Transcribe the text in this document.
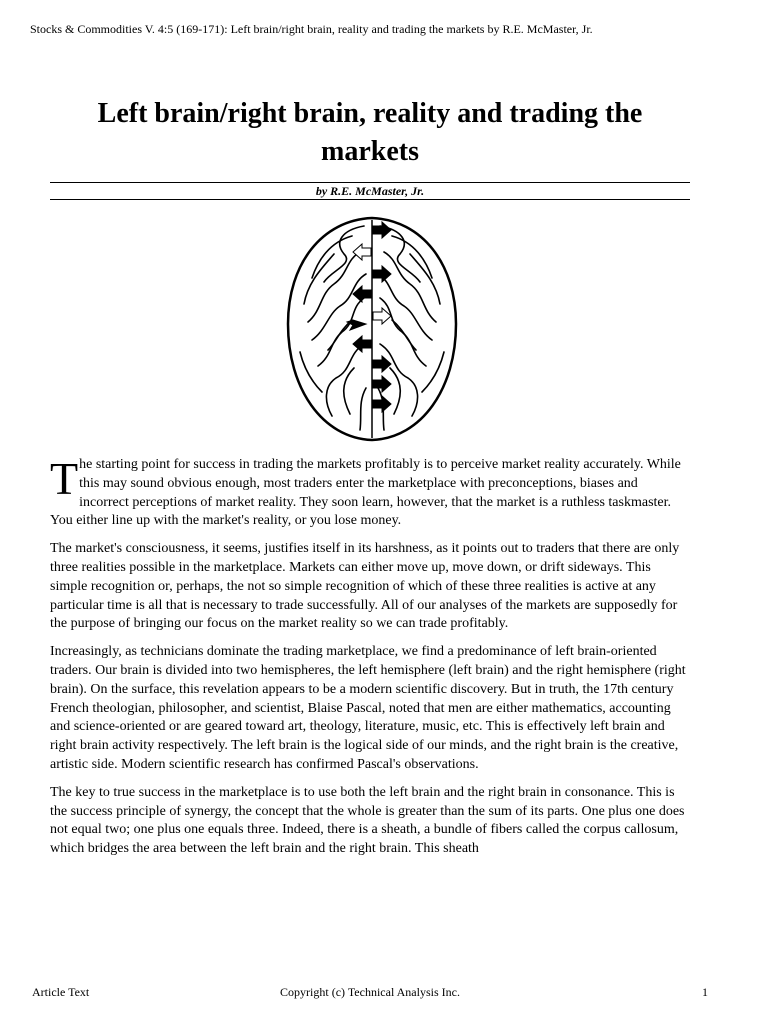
Stocks & Commodities V. 4:5 (169-171): Left brain/right brain, reality and trading the markets by R.E. McMaster, Jr.
Left brain/right brain, reality and trading the markets
by R.E. McMaster, Jr.

The starting point for success in trading the markets profitably is to perceive market reality accurately. While this may sound obvious enough, most traders enter the marketplace with preconceptions, biases and incorrect perceptions of market reality. They soon learn, however, that the market is a ruthless taskmaster. You either line up with the market's reality, or you lose money.

The market's consciousness, it seems, justifies itself in its harshness, as it points out to traders that there are only three realities possible in the marketplace. Markets can either move up, move down, or drift sideways. This simple recognition or, perhaps, the not so simple recognition of which of these three realities is active at any particular time is all that is necessary to trade successfully. All of our analyses of the markets are supposedly for the purpose of bringing our focus on the market reality so we can trade profitably.

Increasingly, as technicians dominate the trading marketplace, we find a predominance of left brain-oriented traders. Our brain is divided into two hemispheres, the left hemisphere (left brain) and the right hemisphere (right brain). On the surface, this revelation appears to be a modern scientific discovery. But in truth, the 17th century French theologian, philosopher, and scientist, Blaise Pascal, noted that men are either mathematics, accounting and science-oriented or are geared toward art, theology, literature, music, etc. This is effectively left brain and right brain activity respectively. The left brain is the logical side of our minds, and the right brain is the creative, artistic side. Modern scientific research has confirmed Pascal's observations.

The key to true success in the marketplace is to use both the left brain and the right brain in consonance. This is the success principle of synergy, the concept that the whole is greater than the sum of its parts. One plus one does not equal two; one plus one equals three. Indeed, there is a sheath, a bundle of fibers called the corpus callosum, which bridges the area between the left brain and the right brain. This sheath

Article Text	Copyright (c) Technical Analysis Inc.	1
